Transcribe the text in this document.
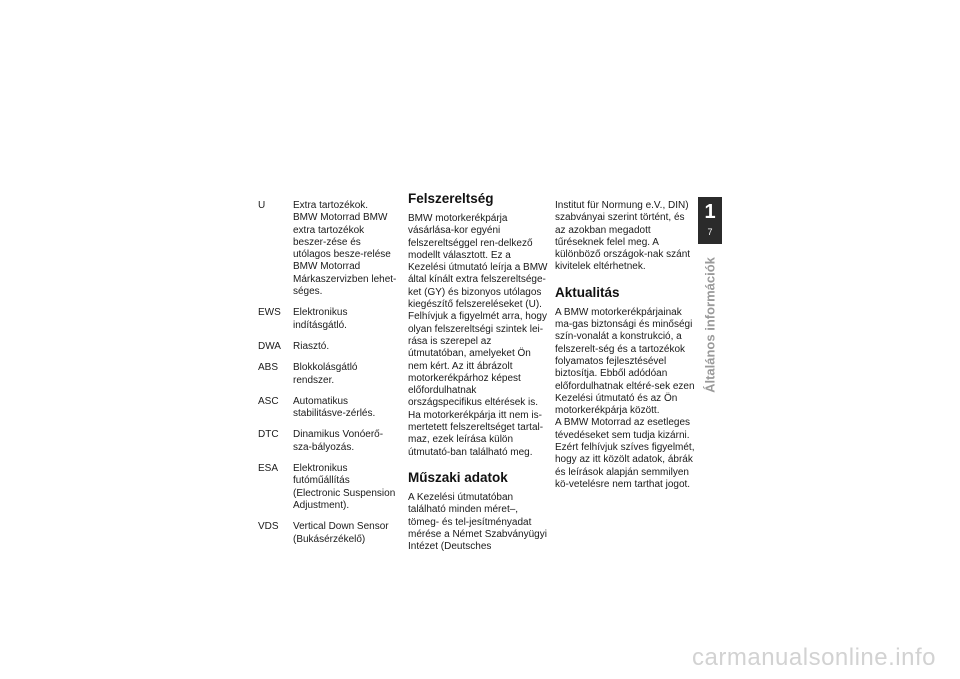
U	Extra tartozékok.
BMW Motorrad BMW extra tartozékok beszer-zése és utólagos besze-relése BMW Motorrad Márkaszervizben lehet-séges.
EWS	Elektronikus indításgátló.
DWA	Riasztó.
ABS	Blokkolásgátló rendszer.
ASC	Automatikus stabilitásve-zérlés.
DTC	Dinamikus Vonóerő-sza-bályozás.
ESA	Elektronikus futóműállítás (Electronic Suspension Adjustment).
VDS	Vertical Down Sensor (Bukásérzékelő)
Felszereltség

BMW motorkerékpárja vásárlása-kor egyéni felszereltséggel ren-delkező modellt választott. Ez a Kezelési útmutató leírja a BMW által kínált extra felszereltsége-ket (GY) és bizonyos utólagos kiegészítő felszereléseket (U).
Felhívjuk a figyelmét arra, hogy olyan felszereltségi szintek lei-rása is szerepel az útmutatóban, amelyeket Ön nem kért. Az itt ábrázolt motorkerékpárhoz képest előfordulhatnak országspecifikus eltérések is.
Ha motorkerékpárja itt nem is-mertetett felszereltséget tartal-maz, ezek leírása külön útmutató-ban található meg.

Műszaki adatok

A Kezelési útmutatóban található minden méret–, tömeg- és tel-jesítményadat mérése a Német Szabványügyi Intézet (Deutsches

Institut für Normung e.V., DIN) szabványai szerint történt, és az azokban megadott tűréseknek felel meg. A különböző országok-nak szánt kivitelek eltérhetnek.

Aktualitás

A BMW motorkerékpárjainak ma-gas biztonsági és minőségi szín-vonalát a konstrukció, a felszerelt-ség és a tartozékok folyamatos fejlesztésével biztosítja. Ebből adódóan előfordulhatnak eltéré-sek ezen Kezelési útmutató és az Ön motorkerékpárja között.
A BMW Motorrad az esetleges tévedéseket sem tudja kizárni. Ezért felhívjuk szíves figyelmét, hogy az itt közölt adatok, ábrák és leírások alapján semmilyen kö-vetelésre nem tarthat jogot.

1
7
Általános információk
carmanualsonline.info
